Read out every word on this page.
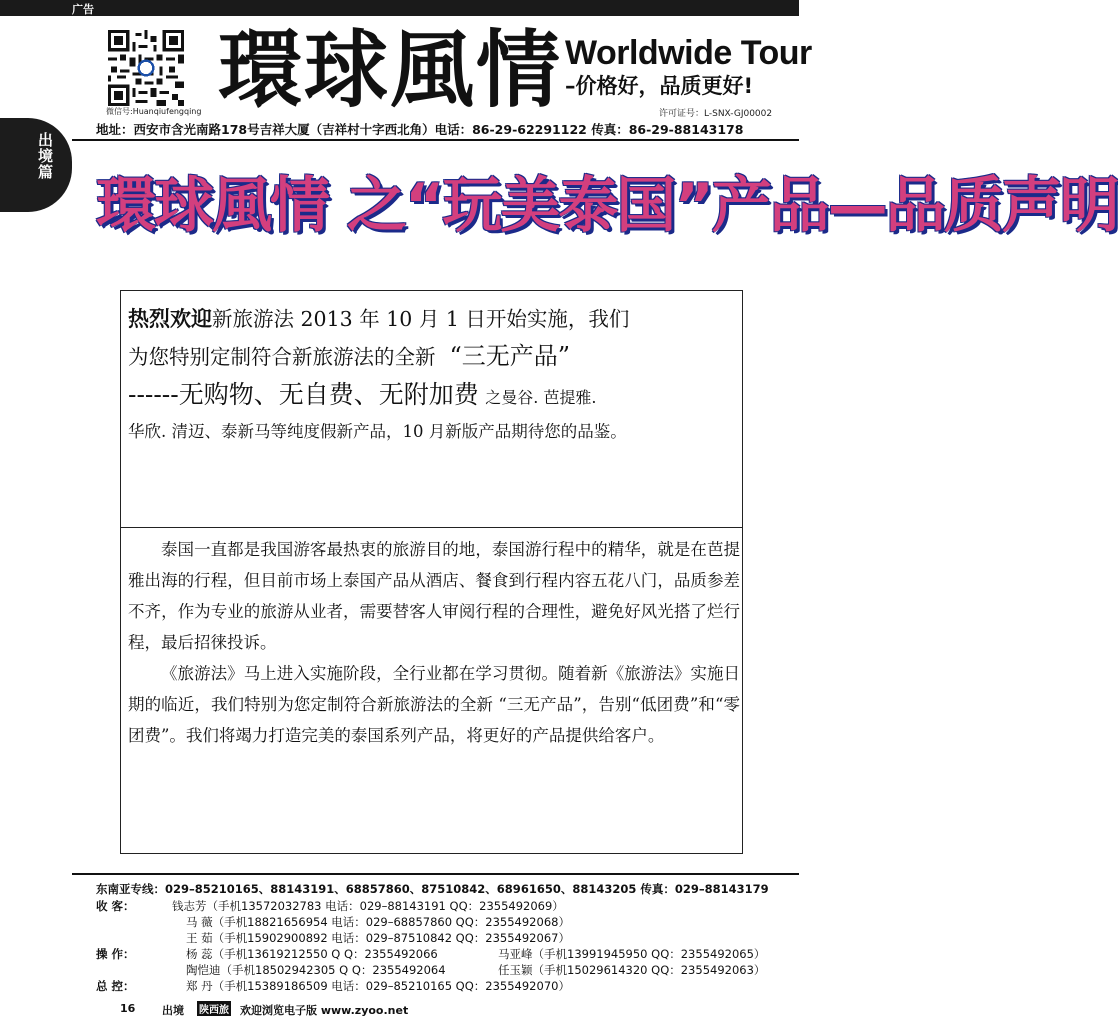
广告
出境篇
微信号:Huanqiufengqing 環球風情 Worldwide Tour
–价格好，品质更好!
许可证号：L-SNX-GJ00002
地址：西安市含光南路178号吉祥大厦（吉祥村十字西北角）电话：86-29-62291122 传真：86-29-88143178
環球風情 之“玩美泰国”产品—品质声明
热烈欢迎新旅游法 2013 年 10 月 1 日开始实施，我们
为您特别定制符合新旅游法的全新 “三无产品”
------无购物、无自费、无附加费 之曼谷. 芭提雅.
华欣. 清迈、泰新马等纯度假新产品，10 月新版产品期待您的品鉴。

泰国一直都是我国游客最热衷的旅游目的地，泰国游行程中的精华，就是在芭提雅出海的行程，但目前市场上泰国产品从酒店、餐食到行程内容五花八门，品质参差不齐，作为专业的旅游从业者，需要替客人审阅行程的合理性，避免好风光搭了烂行程，最后招徕投诉。

《旅游法》马上进入实施阶段，全行业都在学习贯彻。随着新《旅游法》实施日期的临近，我们特别为您定制符合新旅游法的全新 “三无产品”，告别“低团费”和“零团费”。我们将竭力打造完美的泰国系列产品，将更好的产品提供给客户。

东南亚专线：029–85210165、88143191、68857860、87510842、68961650、88143205 传真：029–88143179
收 客：	钱志芳（手机13572032783 电话：029–88143191 QQ：2355492069）
马 薇（手机18821656954 电话：029–68857860 QQ：2355492068）
王 茹（手机15902900892 电话：029–87510842 QQ：2355492067）
操 作：	杨 蕊（手机13619212550 Q Q：2355492066	马亚峰（手机13991945950 QQ：2355492065）
陶恺迪（手机18502942305 Q Q：2355492064	任玉颖（手机15029614320 QQ：2355492063）
总 控：	郑 丹（手机15389186509 电话：029–85210165 QQ：2355492070）
16 出境 陕西旅 欢迎浏览电子版 www.zyoo.net
